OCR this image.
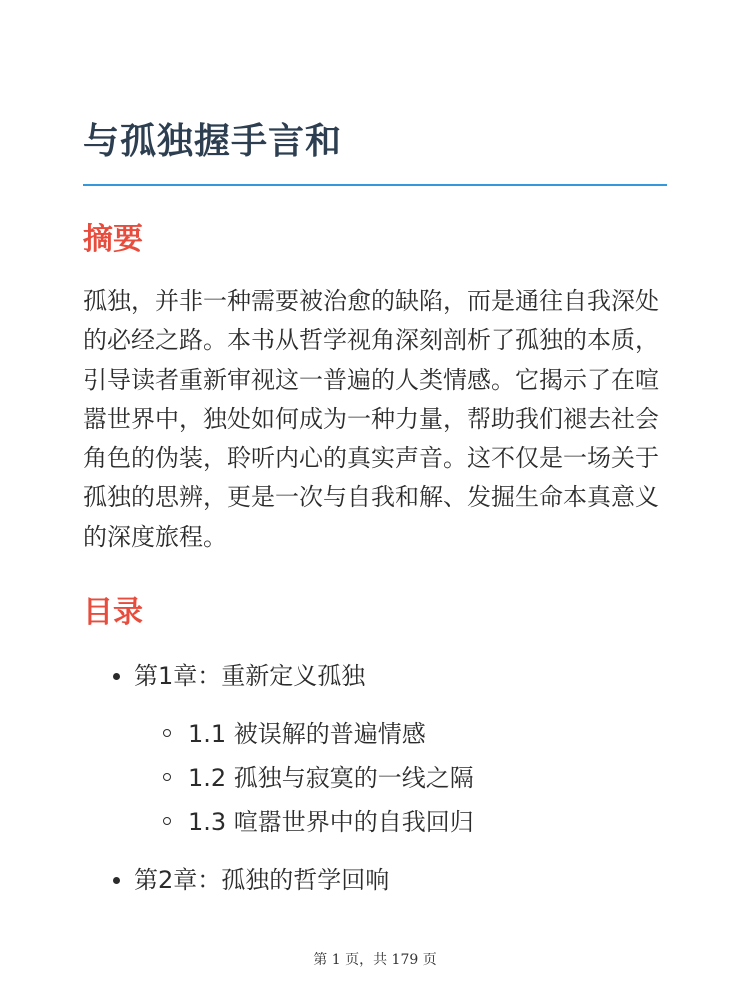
与孤独握手言和
摘要

孤独，并非一种需要被治愈的缺陷，而是通往自我深处的必经之路。本书从哲学视角深刻剖析了孤独的本质，引导读者重新审视这一普遍的人类情感。它揭示了在喧嚣世界中，独处如何成为一种力量，帮助我们褪去社会角色的伪装，聆听内心的真实声音。这不仅是一场关于孤独的思辨，更是一次与自我和解、发掘生命本真意义的深度旅程。

目录
第1章：重新定义孤独
1.1 被误解的普遍情感
1.2 孤独与寂寞的一线之隔
1.3 喧嚣世界中的自我回归
第2章：孤独的哲学回响
第 1 页，共 179 页
